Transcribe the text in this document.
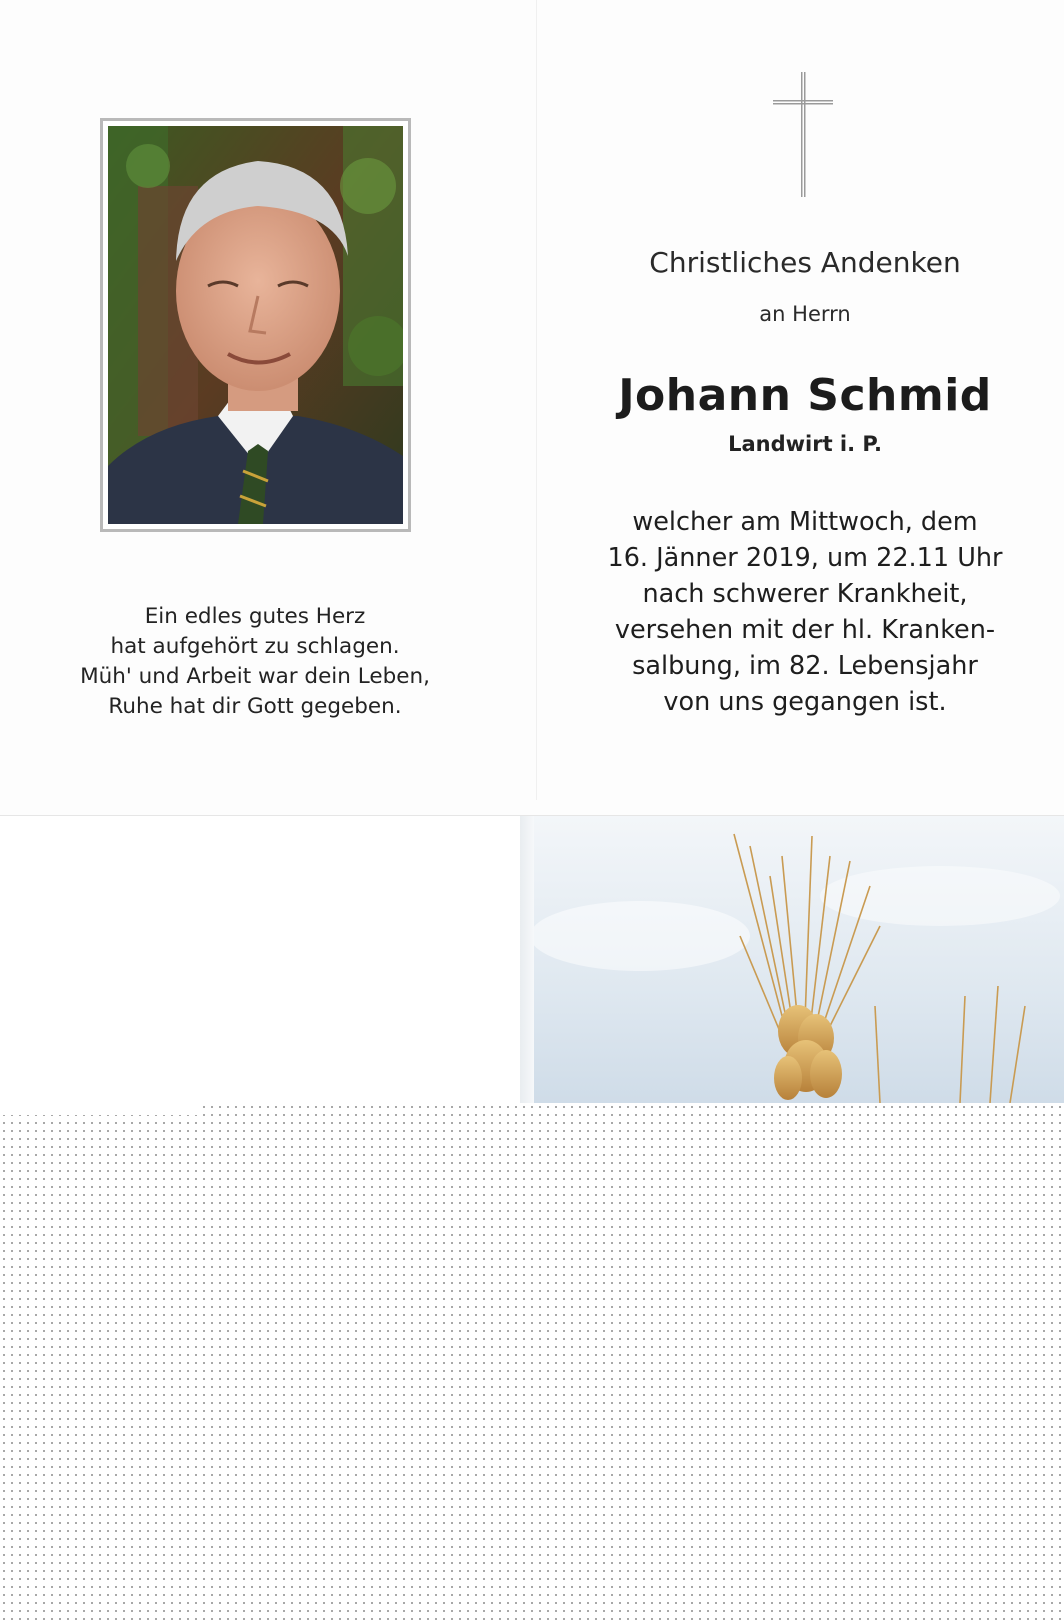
Ein edles gutes Herz
hat aufgehört zu schlagen.
Müh' und Arbeit war dein Leben,
Ruhe hat dir Gott gegeben.
Christliches Andenken
an Herrn
Johann Schmid
Landwirt i. P.
welcher am Mittwoch, dem
16. Jänner 2019, um 22.11 Uhr
nach schwerer Krankheit,
versehen mit der hl. Kranken-
salbung, im 82. Lebensjahr
von uns gegangen ist.
